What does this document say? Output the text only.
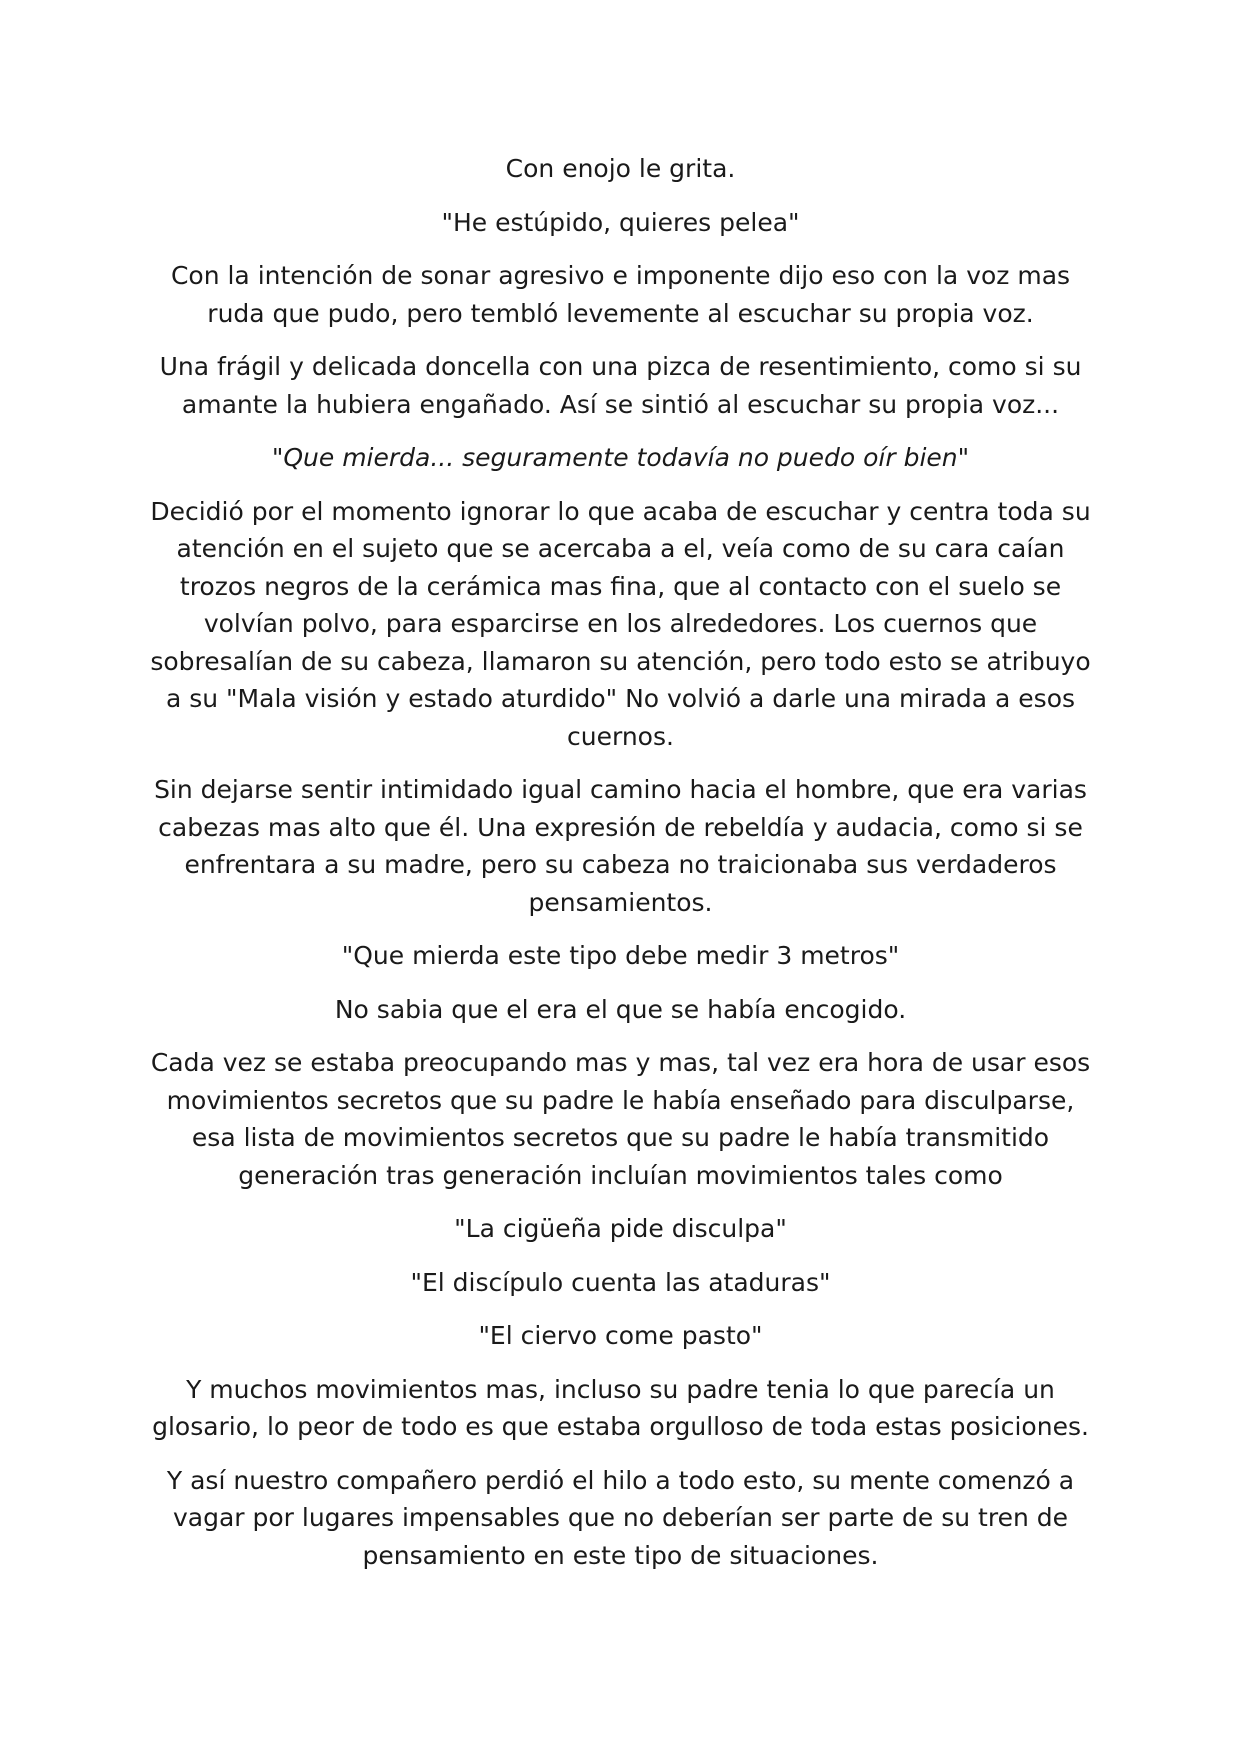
Con enojo le grita.

"He estúpido, quieres pelea"

Con la intención de sonar agresivo e imponente dijo eso con la voz mas ruda que pudo, pero tembló levemente al escuchar su propia voz.

Una frágil y delicada doncella con una pizca de resentimiento, como si su amante la hubiera engañado. Así se sintió al escuchar su propia voz...

"Que mierda... seguramente todavía no puedo oír bien"

Decidió por el momento ignorar lo que acaba de escuchar y centra toda su atención en el sujeto que se acercaba a el, veía como de su cara caían trozos negros de la cerámica mas fina, que al contacto con el suelo se volvían polvo, para esparcirse en los alrededores. Los cuernos que sobresalían de su cabeza, llamaron su atención, pero todo esto se atribuyo a su "Mala visión y estado aturdido" No volvió a darle una mirada a esos cuernos.

Sin dejarse sentir intimidado igual camino hacia el hombre, que era varias cabezas mas alto que él. Una expresión de rebeldía y audacia, como si se enfrentara a su madre, pero su cabeza no traicionaba sus verdaderos pensamientos.

"Que mierda este tipo debe medir 3 metros"

No sabia que el era el que se había encogido.

Cada vez se estaba preocupando mas y mas, tal vez era hora de usar esos movimientos secretos que su padre le había enseñado para disculparse, esa lista de movimientos secretos que su padre le había transmitido generación tras generación incluían movimientos tales como

"La cigüeña pide disculpa"

"El discípulo cuenta las ataduras"

"El ciervo come pasto"

Y muchos movimientos mas, incluso su padre tenia lo que parecía un glosario, lo peor de todo es que estaba orgulloso de toda estas posiciones.

Y así nuestro compañero perdió el hilo a todo esto, su mente comenzó a vagar por lugares impensables que no deberían ser parte de su tren de pensamiento en este tipo de situaciones.
